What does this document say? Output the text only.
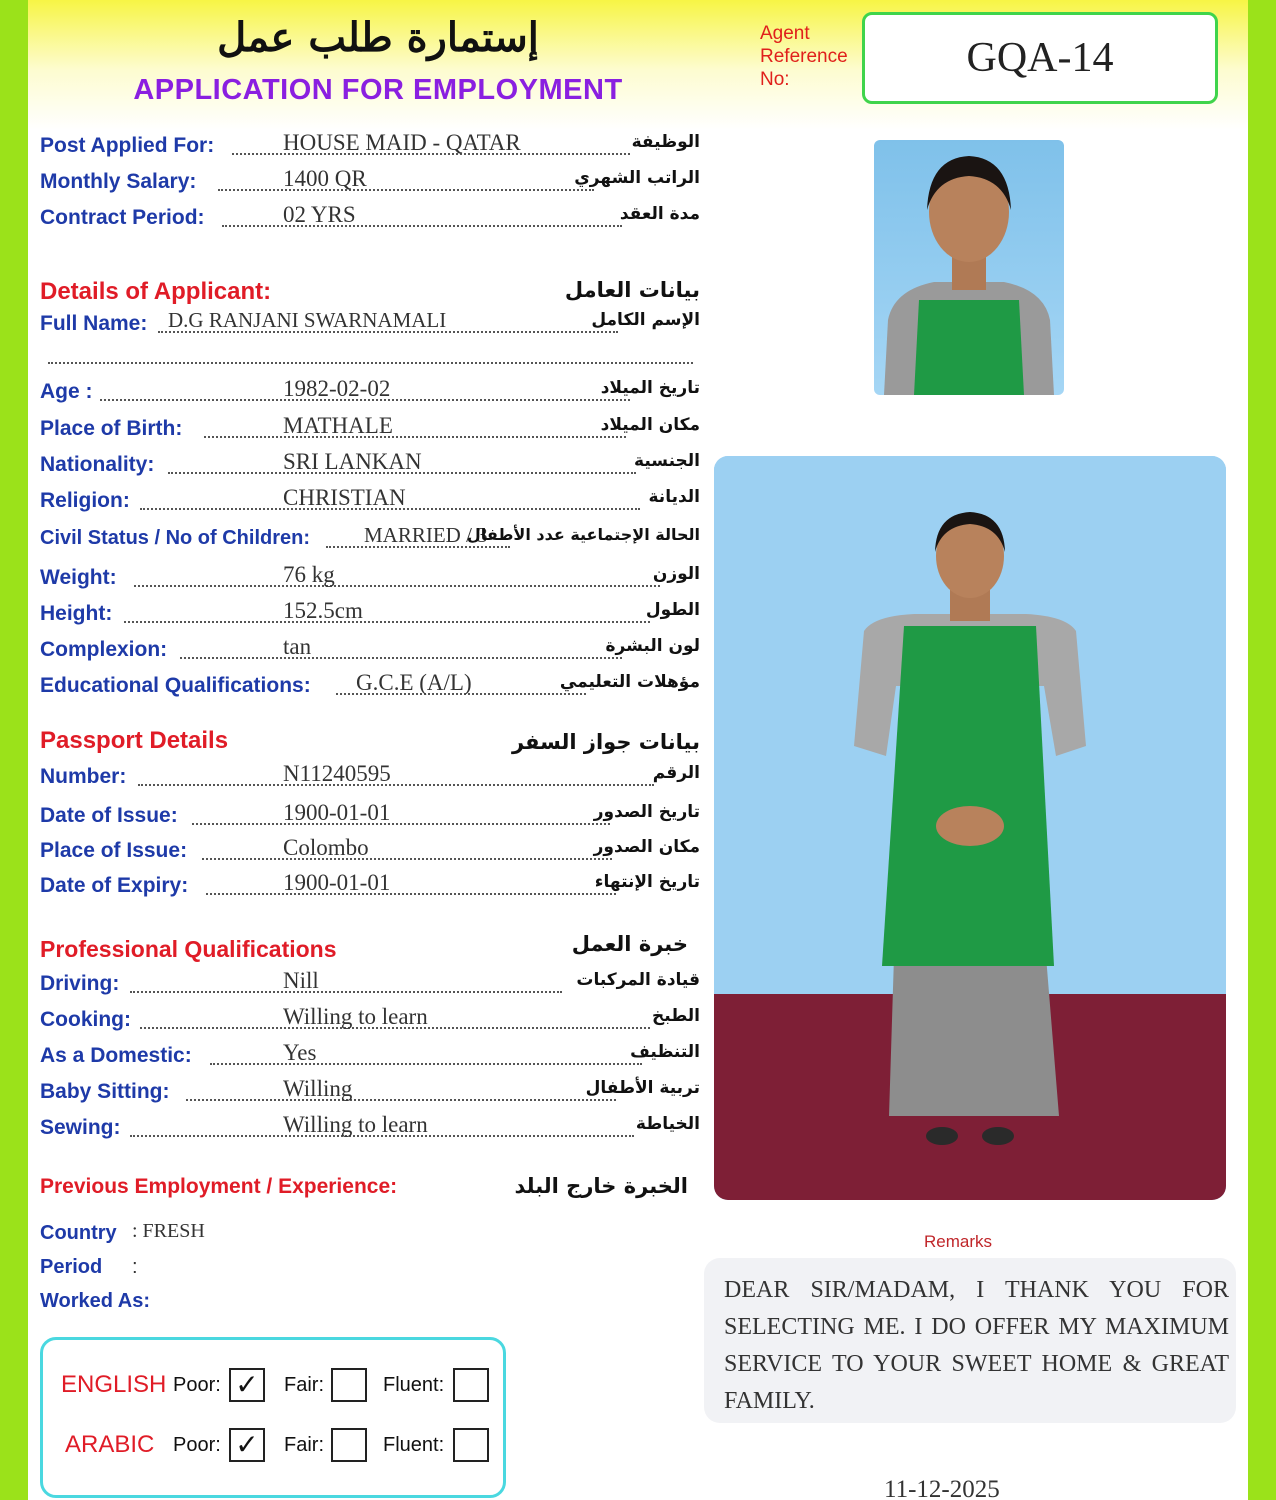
إستمارة طلب عمل
APPLICATION FOR EMPLOYMENT
Agent Reference No:	GQA-14
Post Applied For:	HOUSE MAID - QATAR	الوظيفة
Monthly Salary:	1400 QR	الراتب الشهري
Contract Period:	02 YRS	مدة العقد
Details of Applicant:	بيانات العامل
Full Name: D.G RANJANI SWARNAMALI	الإسم الكامل
Age :	1982-02-02	تاريخ الميلاد
Place of Birth:	MATHALE	مكان الميلاد
Nationality:	SRI LANKAN	الجنسية
Religion:	CHRISTIAN	الديانة
Civil Status / No of Children:	MARRIED / 3
الحالة الإجتماعية عدد الأطفال
Weight:	76 kg	الوزن
Height:	152.5cm	الطول
Complexion:	tan	لون البشرة
Educational Qualifications: G.C.E (A/L)	مؤهلات التعليمي
Passport Details	بيانات جواز السفر
Number:	N11240595	الرقم
Date of Issue:	1900-01-01	تاريخ الصدور
Place of Issue:	Colombo	مكان الصدور
Date of Expiry:	1900-01-01	تاريخ الإنتهاء
Professional Qualifications	خبرة العمل
Driving:	Nill	قيادة المركبات
Cooking:	Willing to learn	الطبخ
As a Domestic:	Yes	التنظيف
Baby Sitting:	Willing	تربية الأطفال
Sewing:	Willing to learn	الخياطة
Previous Employment / Experience:	الخبرة خارج البلد
Country : FRESH
Period :
Worked As:
ENGLISH Poor: ✓	Fair:	Fluent:
ARABIC Poor: ✓	Fair:	Fluent:
Remarks
DEAR SIR/MADAM, I THANK YOU FOR SELECTING ME. I DO OFFER MY MAXIMUM SERVICE TO YOUR SWEET HOME & GREAT FAMILY.
11-12-2025
